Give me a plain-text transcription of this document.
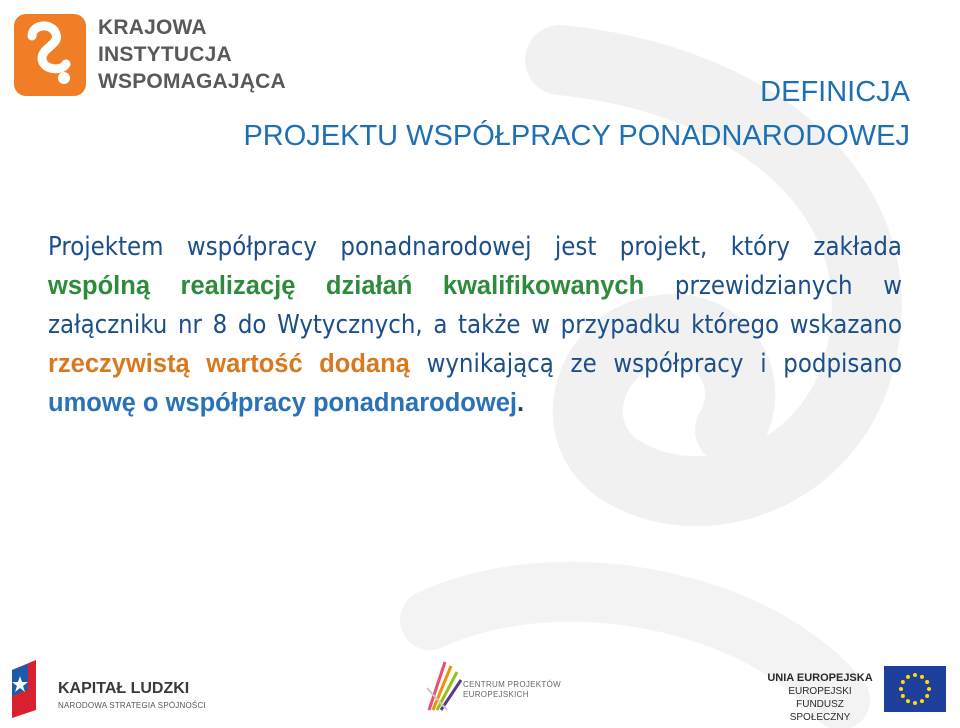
KRAJOWA
INSTYTUCJA
WSPOMAGAJĄCA	DEFINICJA
PROJEKTU WSPÓŁPRACY PONADNARODOWEJ
Projektem współpracy ponadnarodowej jest projekt, który zakłada wspólną realizację działań kwalifikowanych przewidzianych w załączniku nr 8 do Wytycznych, a także w przypadku którego wskazano rzeczywistą wartość dodaną wynikającą ze współpracy i podpisano umowę o współpracy ponadnarodowej.
KAPITAŁ LUDZKI
NARODOWA STRATEGIA SPÓJNOŚCI
CENTRUM PROJEKTÓW
EUROPEJSKICH
UNIA EUROPEJSKA
EUROPEJSKI
FUNDUSZ SPOŁECZNY
